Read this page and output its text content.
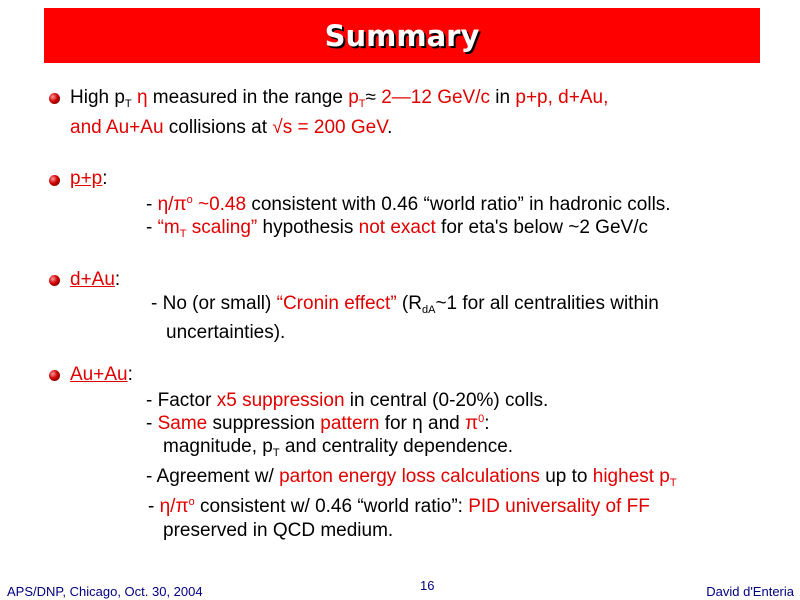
Summary
High $p_T$ η measured in the range $p_T\approx$ 2—12 GeV/c in p+p, d+Au,
and Au+Au collisions at √s = 200 GeV.
p+p:
- $\eta/\pi^o$ ~0.48 consistent with 0.46 “world ratio” in hadronic colls.
- “$m_T$ scaling” hypothesis not exact for eta's below ~2 GeV/c
d+Au:
- No (or small) “Cronin effect” ($R_{dA}\sim 1$ for all centralities within
uncertainties).
Au+Au:
- Factor x5 suppression in central (0-20%) colls.
- Same suppression pattern for η and $\pi^0$:
magnitude, $p_T$ and centrality dependence.
- Agreement w/ parton energy loss calculations up to highest $p_T$
- $\eta/\pi^o$ consistent w/ 0.46 “world ratio”: PID universality of FF
preserved in QCD medium.
APS/DNP, Chicago, Oct. 30, 2004	16	David d'Enteria
